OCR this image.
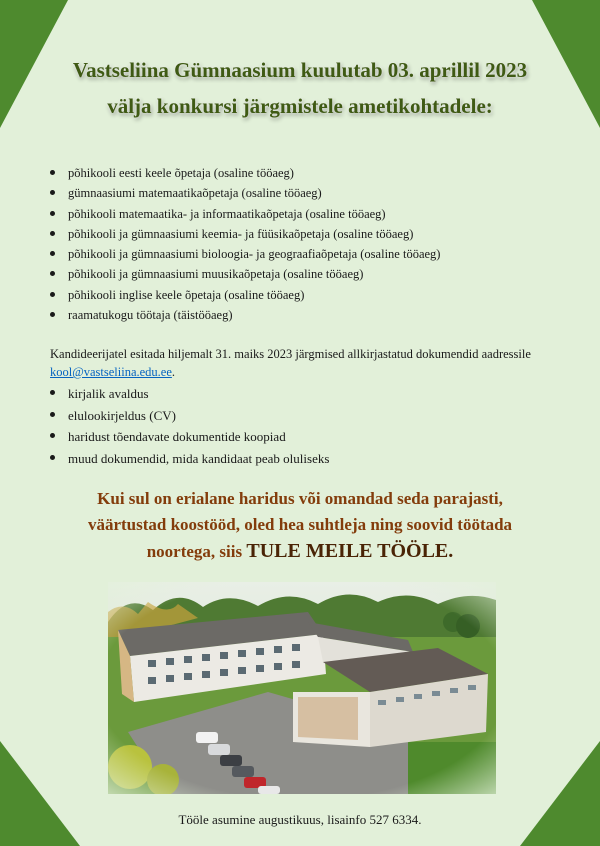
Vastseliina Gümnaasium kuulutab 03. aprillil 2023
välja konkursi järgmistele ametikohtadele:
põhikooli eesti keele õpetaja (osaline tööaeg)
gümnaasiumi matemaatikaõpetaja (osaline tööaeg)
põhikooli matemaatika- ja informaatikaõpetaja (osaline tööaeg)
põhikooli ja gümnaasiumi keemia- ja füüsikaõpetaja (osaline tööaeg)
põhikooli ja gümnaasiumi bioloogia- ja geograafiaõpetaja (osaline tööaeg)
põhikooli ja gümnaasiumi muusikaõpetaja (osaline tööaeg)
põhikooli inglise keele õpetaja (osaline tööaeg)
raamatukogu töötaja (täistööaeg)
Kandideerijatel esitada hiljemalt 31. maiks 2023 järgmised allkirjastatud dokumendid aadressile kool@vastseliina.edu.ee.
kirjalik avaldus
elulookirjeldus (CV)
haridust tõendavate dokumentide koopiad
muud dokumendid, mida kandidaat peab oluliseks
Kui sul on erialane haridus või omandad seda parajasti,
väärtustad koostööd, oled hea suhtleja ning soovid töötada
noortega, siis TULE MEILE TÖÖLE.
Tööle asumine augustikuus, lisainfo 527 6334.
